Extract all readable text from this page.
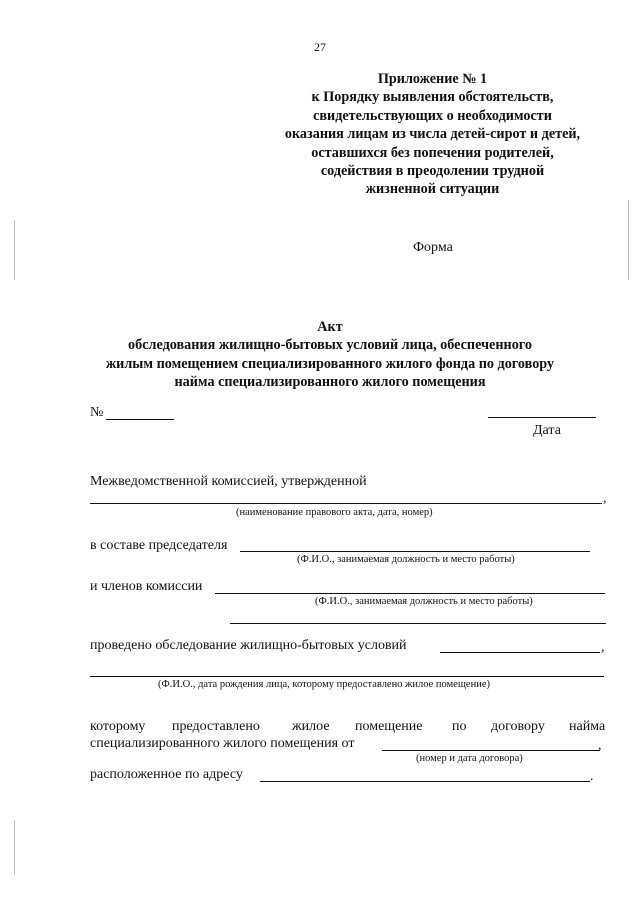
27
Приложение № 1
к Порядку выявления обстоятельств,
свидетельствующих о необходимости
оказания лицам из числа детей-сирот и детей,
оставшихся без попечения родителей,
содействия в преодолении трудной
жизненной ситуации
Форма
Акт
обследования жилищно-бытовых условий лица, обеспеченного
жилым помещением специализированного жилого фонда по договору
найма специализированного жилого помещения
№
Дата
Межведомственной комиссией, утвержденной
,
(наименование правового акта, дата, номер)
в составе председателя
(Ф.И.О., занимаемая должность и место работы)
и членов комиссии
(Ф.И.О., занимаемая должность и место работы)
проведено обследование жилищно-бытовых условий	,
(Ф.И.О., дата рождения лица, которому предоставлено жилое помещение)
которому предоставлено жилое помещение по договору найма
специализированного жилого помещения от	,
(номер и дата договора)
расположенное по адресу	.
